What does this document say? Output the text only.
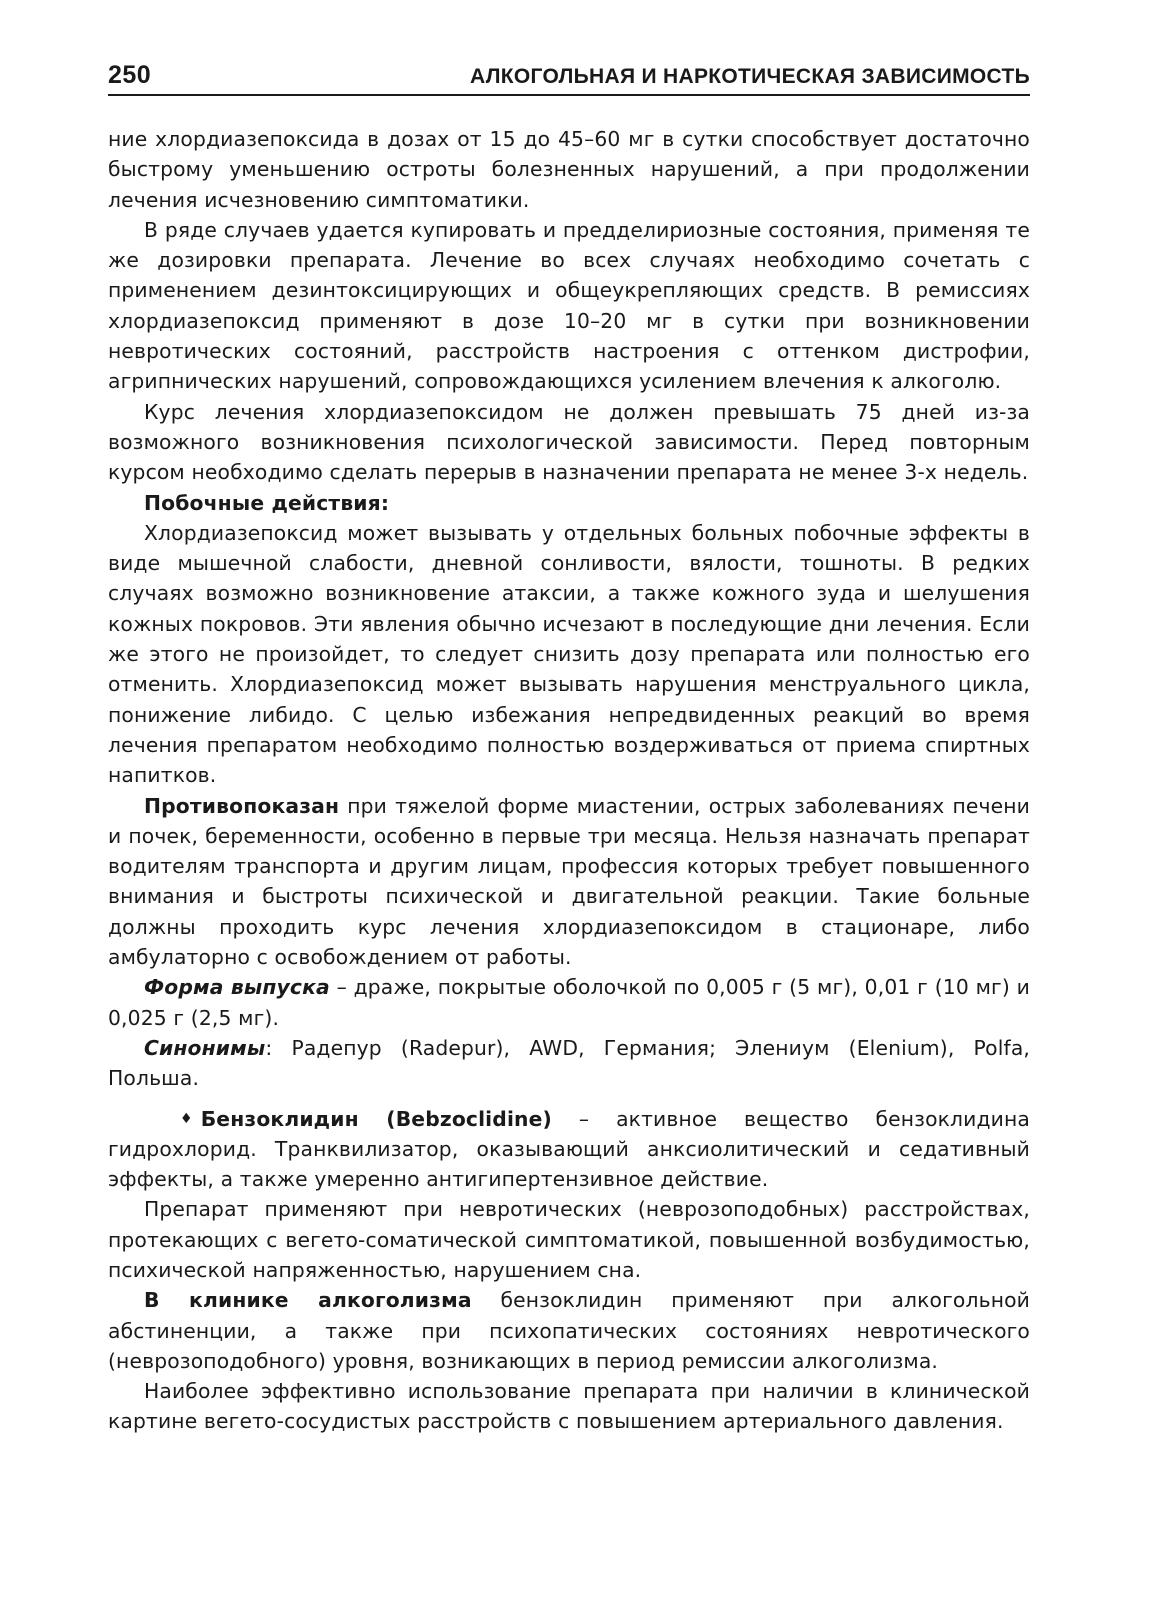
250	АЛКОГОЛЬНАЯ И НАРКОТИЧЕСКАЯ ЗАВИСИМОСТЬ

ние хлордиазепоксида в дозах от 15 до 45–60 мг в сутки способствует достаточно быстрому уменьшению остроты болезненных нарушений, а при продолжении лечения исчезновению симптоматики.

В ряде случаев удается купировать и предделириозные состояния, применяя те же дозировки препарата. Лечение во всех случаях необходимо сочетать с применением дезинтоксицирующих и общеукрепляющих средств. В ремиссиях хлордиазепоксид применяют в дозе 10–20 мг в сутки при возникновении невротических состояний, расстройств настроения с оттенком дистрофии, агрипнических нарушений, сопровождающихся усилением влечения к алкоголю.

Курс лечения хлордиазепоксидом не должен превышать 75 дней из-за возможного возникновения психологической зависимости. Перед повторным курсом необходимо сделать перерыв в назначении препарата не менее 3-х недель.

Побочные действия:

Хлордиазепоксид может вызывать у отдельных больных побочные эффекты в виде мышечной слабости, дневной сонливости, вялости, тошноты. В редких случаях возможно возникновение атаксии, а также кожного зуда и шелушения кожных покровов. Эти явления обычно исчезают в последующие дни лечения. Если же этого не произойдет, то следует снизить дозу препарата или полностью его отменить. Хлордиазепоксид может вызывать нарушения менструального цикла, понижение либидо. С целью избежания непредвиденных реакций во время лечения препаратом необходимо полностью воздерживаться от приема спиртных напитков.

Противопоказан при тяжелой форме миастении, острых заболеваниях печени и почек, беременности, особенно в первые три месяца. Нельзя назначать препарат водителям транспорта и другим лицам, профессия которых требует повышенного внимания и быстроты психической и двигательной реакции. Такие больные должны проходить курс лечения хлордиазепоксидом в стационаре, либо амбулаторно с освобождением от работы.

Форма выпуска – драже, покрытые оболочкой по 0,005 г (5 мг), 0,01 г (10 мг) и 0,025 г (2,5 мг).

Синонимы: Радепур (Radepur), AWD, Германия; Элениум (Elenium), Polfa, Польша.

♦ Бензоклидин (Bebzoclidine) – активное вещество бензоклидина гидрохлорид. Транквилизатор, оказывающий анксиолитический и седативный эффекты, а также умеренно антигипертензивное действие.

Препарат применяют при невротических (неврозоподобных) расстройствах, протекающих с вегето-соматической симптоматикой, повышенной возбудимостью, психической напряженностью, нарушением сна.

В клинике алкоголизма бензоклидин применяют при алкогольной абстиненции, а также при психопатических состояниях невротического (неврозоподобного) уровня, возникающих в период ремиссии алкоголизма.

Наиболее эффективно использование препарата при наличии в клинической картине вегето-сосудистых расстройств с повышением артериального давления.
